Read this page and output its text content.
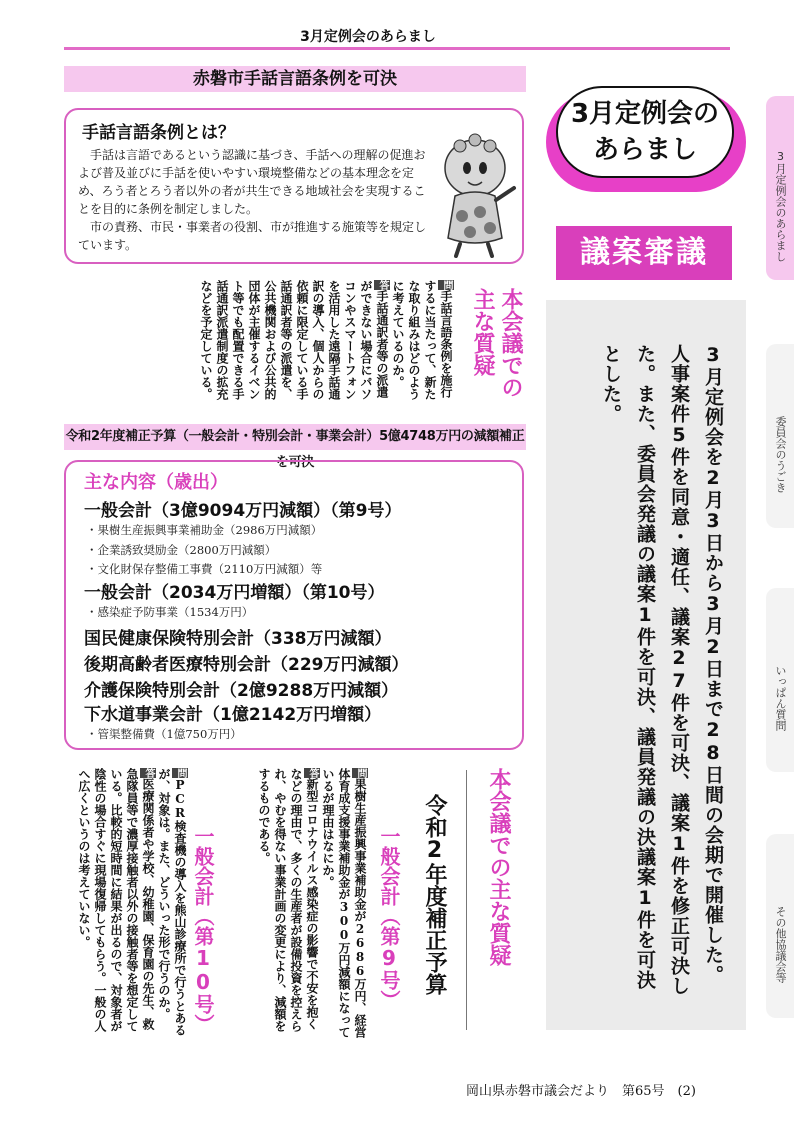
3月定例会のあらまし
赤磐市手話言語条例を可決
手話言語条例とは？

手話は言語であるという認識に基づき、手話への理解の促進および普及並びに手話を使いやすい環境整備などの基本理念を定め、ろう者とろう者以外の者が共生できる地域社会を実現することを目的に条例を制定しました。

市の責務、市民・事業者の役割、市が推進する施策等を規定しています。

3月定例会の
あらまし
議案審議
3月定例会を2月3日から3月2日まで28日間の会期で開催した。人事案件5件を同意・適任、議案27件を可決、議案1件を修正可決した。また、委員会発議の議案1件を可決、議員発議の決議案1件を可決とした。
3月定例会のあらまし
委員会のうごき
いっぱん質問
その他協議会等
本会議での主な質疑
問手話言語条例を施行するに当たって、新たな取り組みはどのように考えているのか。
答手話通訳者等の派遣ができない場合にパソコンやスマートフォンを活用した遠隔手話通訳の導入、個人からの依頼に限定している手話通訳者等の派遣を、公共機関および公共的団体が主催するイベント等でも配置できる手話通訳派遣制度の拡充などを予定している。
令和2年度補正予算（一般会計・特別会計・事業会計）5億4748万円の減額補正を可決
主な内容（歳出）
一般会計（3億9094万円減額）（第9号）
・果樹生産振興事業補助金（2986万円減額）
・企業誘致奨励金（2800万円減額）
・文化財保存整備工事費（2110万円減額）等
一般会計（2034万円増額）（第10号）
・感染症予防事業（1534万円）
国民健康保険特別会計（338万円減額）
後期高齢者医療特別会計（229万円減額）
介護保険特別会計（2億9288万円減額）
下水道事業会計（1億2142万円増額）
・管渠整備費（1億750万円）
本会議での主な質疑
令和2年度補正予算
一般会計（第9号）
問果樹生産振興事業補助金が2686万円、経営体育成支援事業補助金が300万円減額になっているが理由はなにか。
答新型コロナウイルス感染症の影響で不安を抱くなどの理由で、多くの生産者が設備投資を控えられ、やむを得ない事業計画の変更により、減額をするものである。
一般会計（第10号）
問PCR検査機の導入を熊山診療所で行うとあるが、対象は。また、どういった形で行うのか。
答医療関係者や学校、幼稚園、保育園の先生、救急隊員等で濃厚接触者以外の接触者等を想定している。比較的短時間に結果が出るので、対象者が陰性の場合すぐに現場復帰してもらう。一般の人へ広くというのは考えていない。
岡山県赤磐市議会だより　第65号　(2)
